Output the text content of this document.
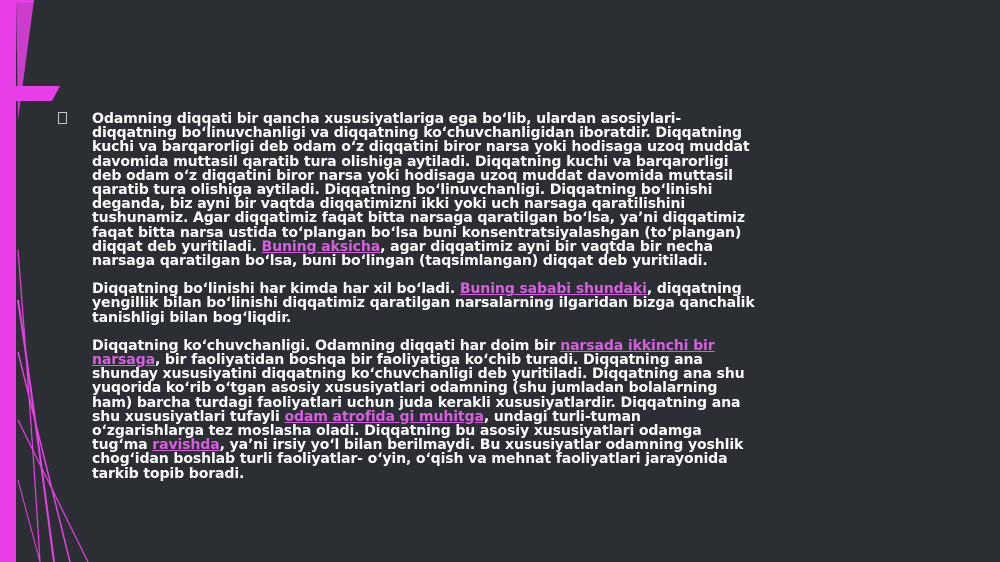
Odamning diqqati bir qancha xususiyatlariga ega bo‘lib, ulardan asosiylari-diqqatning bo‘linuvchanligi va diqqatning ko‘chuvchanligidan iboratdir. Diqqatning kuchi va barqarorligi deb odam o‘z diqqatini biror narsa yoki hodisaga uzoq muddat davomida muttasil qaratib tura olishiga aytiladi. Diqqatning kuchi va barqarorligi deb odam o‘z diqqatini biror narsa yoki hodisaga uzoq muddat davomida muttasil qaratib tura olishiga aytiladi. Diqqatning bo‘linuvchanligi. Diqqatning bo‘linishi deganda, biz ayni bir vaqtda diqqatimizni ikki yoki uch narsaga qaratilishini tushunamiz. Agar diqqatimiz faqat bitta narsaga qaratilgan bo‘lsa, ya’ni diqqatimiz faqat bitta narsa ustida to‘plangan bo‘lsa buni konsentratsiyalashgan (to‘plangan) diqqat deb yuritiladi. Buning aksicha, agar diqqatimiz ayni bir vaqtda bir necha narsaga qaratilgan bo‘lsa, buni bo‘lingan (taqsimlangan) diqqat deb yuritiladi.

Diqqatning bo‘linishi har kimda har xil bo‘ladi. Buning sababi shundaki, diqqatning yengillik bilan bo‘linishi diqqatimiz qaratilgan narsalarning ilgaridan bizga qanchalik tanishligi bilan bog‘liqdir.

Diqqatning ko‘chuvchanligi. Odamning diqqati har doim bir narsada ikkinchi bir narsaga, bir faoliyatidan boshqa bir faoliyatiga ko‘chib turadi. Diqqatning ana shunday xususiyatini diqqatning ko‘chuvchanligi deb yuritiladi. Diqqatning ana shu yuqorida ko‘rib o‘tgan asosiy xususiyatlari odamning (shu jumladan bolalarning ham) barcha turdagi faoliyatlari uchun juda kerakli xususiyatlardir. Diqqatning ana shu xususiyatlari tufayli odam atrofida gi muhitga, undagi turli-tuman o‘zgarishlarga tez moslasha oladi. Diqqatning bu asosiy xususiyatlari odamga tug‘ma ravishda, ya’ni irsiy yo‘l bilan berilmaydi. Bu xususiyatlar odamning yoshlik chog‘idan boshlab turli faoliyatlar- o‘yin, o‘qish va mehnat faoliyatlari jarayonida tarkib topib boradi.
